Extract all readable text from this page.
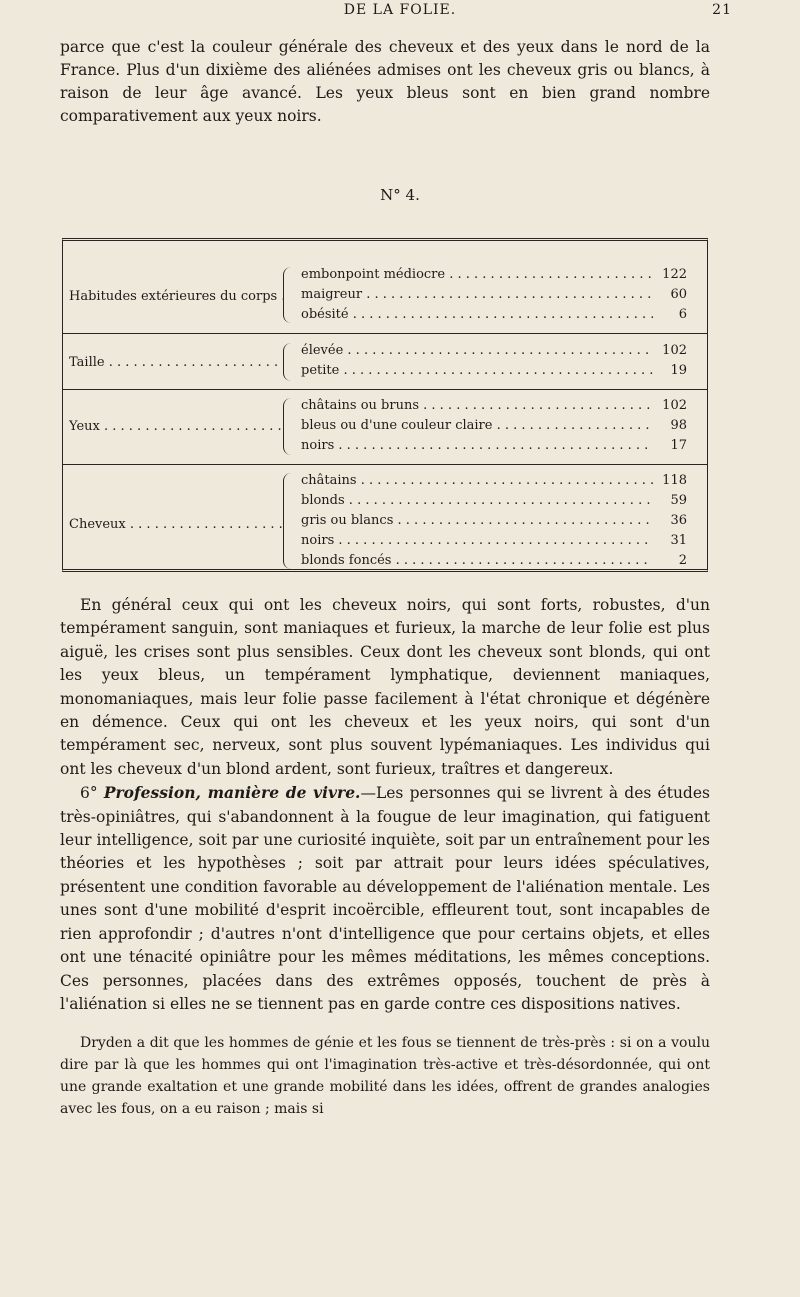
DE LA FOLIE.	21
parce que c'est la couleur générale des cheveux et des yeux dans le nord de la France. Plus d'un dixième des aliénées admises ont les cheveux gris ou blancs, à raison de leur âge avancé. Les yeux bleus sont en bien grand nombre comparativement aux yeux noirs.
N° 4.
Habitudes extérieures du corps . . .
embonpoint médiocre . . .	122
maigreur . . .	60
obésité . . .	6
Taille . . .
élevée . . .	102
petite . . .	19
Yeux . . .
châtains ou bruns . . .	102
bleus ou d'une couleur claire . . .	98
noirs . . .	17
Cheveux . . .
châtains . . .	118
blonds . . .	59
gris ou blancs . . .	36
noirs . . .	31
blonds foncés . . .	2

En général ceux qui ont les cheveux noirs, qui sont forts, robustes, d'un tempérament sanguin, sont maniaques et furieux, la marche de leur folie est plus aiguë, les crises sont plus sensibles. Ceux dont les cheveux sont blonds, qui ont les yeux bleus, un tempérament lymphatique, deviennent maniaques, monomaniaques, mais leur folie passe facilement à l'état chronique et dégénère en démence. Ceux qui ont les cheveux et les yeux noirs, qui sont d'un tempérament sec, nerveux, sont plus souvent lypémaniaques. Les individus qui ont les cheveux d'un blond ardent, sont furieux, traîtres et dangereux.

6° Profession, manière de vivre.—Les personnes qui se livrent à des études très-opiniâtres, qui s'abandonnent à la fougue de leur imagination, qui fatiguent leur intelligence, soit par une curiosité inquiète, soit par un entraînement pour les théories et les hypothèses ; soit par attrait pour leurs idées spéculatives, présentent une condition favorable au développement de l'aliénation mentale. Les unes sont d'une mobilité d'esprit incoërcible, effleurent tout, sont incapables de rien approfondir ; d'autres n'ont d'intelligence que pour certains objets, et elles ont une ténacité opiniâtre pour les mêmes méditations, les mêmes conceptions. Ces personnes, placées dans des extrêmes opposés, touchent de près à l'aliénation si elles ne se tiennent pas en garde contre ces dispositions natives.

Dryden a dit que les hommes de génie et les fous se tiennent de très-près : si on a voulu dire par là que les hommes qui ont l'imagination très-active et très-désordonnée, qui ont une grande exaltation et une grande mobilité dans les idées, offrent de grandes analogies avec les fous, on a eu raison ; mais si
